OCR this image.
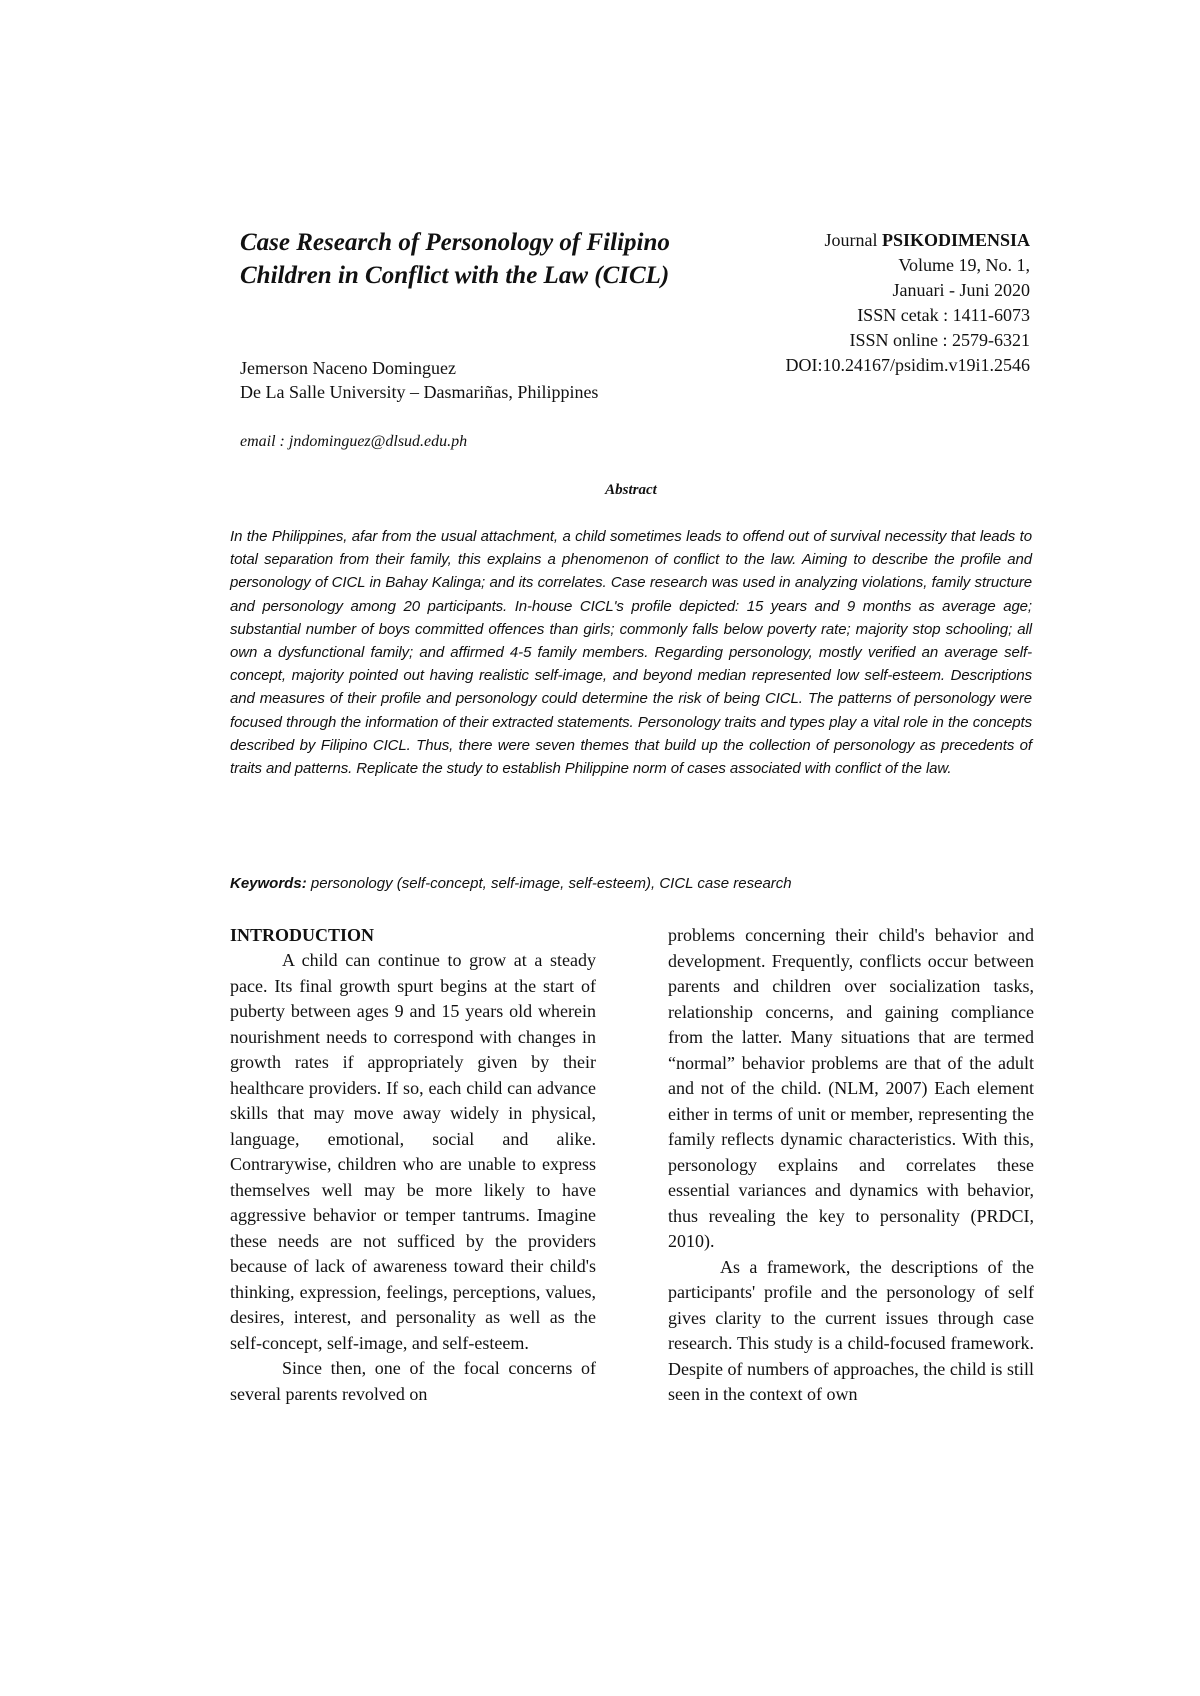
Case Research of Personology of Filipino Children in Conflict with the Law (CICL)
Jemerson Naceno Dominguez
De La Salle University – Dasmariñas, Philippines
email : jndominguez@dlsud.edu.ph
Journal PSIKODIMENSIA
Volume 19, No. 1,
Januari - Juni 2020
ISSN cetak : 1411-6073
ISSN online : 2579-6321
DOI:10.24167/psidim.v19i1.2546
Abstract
In the Philippines, afar from the usual attachment, a child sometimes leads to offend out of survival necessity that leads to total separation from their family, this explains a phenomenon of conflict to the law. Aiming to describe the profile and personology of CICL in Bahay Kalinga; and its correlates. Case research was used in analyzing violations, family structure and personology among 20 participants. In-house CICL's profile depicted: 15 years and 9 months as average age; substantial number of boys committed offences than girls; commonly falls below poverty rate; majority stop schooling; all own a dysfunctional family; and affirmed 4-5 family members. Regarding personology, mostly verified an average self-concept, majority pointed out having realistic self-image, and beyond median represented low self-esteem. Descriptions and measures of their profile and personology could determine the risk of being CICL. The patterns of personology were focused through the information of their extracted statements. Personology traits and types play a vital role in the concepts described by Filipino CICL. Thus, there were seven themes that build up the collection of personology as precedents of traits and patterns. Replicate the study to establish Philippine norm of cases associated with conflict of the law.
Keywords: personology (self-concept, self-image, self-esteem), CICL case research
INTRODUCTION

A child can continue to grow at a steady pace. Its final growth spurt begins at the start of puberty between ages 9 and 15 years old wherein nourishment needs to correspond with changes in growth rates if appropriately given by their healthcare providers. If so, each child can advance skills that may move away widely in physical, language, emotional, social and alike. Contrarywise, children who are unable to express themselves well may be more likely to have aggressive behavior or temper tantrums. Imagine these needs are not sufficed by the providers because of lack of awareness toward their child's thinking, expression, feelings, perceptions, values, desires, interest, and personality as well as the self-concept, self-image, and self-esteem.

Since then, one of the focal concerns of several parents revolved on

problems concerning their child's behavior and development. Frequently, conflicts occur between parents and children over socialization tasks, relationship concerns, and gaining compliance from the latter. Many situations that are termed “normal” behavior problems are that of the adult and not of the child. (NLM, 2007) Each element either in terms of unit or member, representing the family reflects dynamic characteristics. With this, personology explains and correlates these essential variances and dynamics with behavior, thus revealing the key to personality (PRDCI, 2010).

As a framework, the descriptions of the participants' profile and the personology of self gives clarity to the current issues through case research. This study is a child-focused framework. Despite of numbers of approaches, the child is still seen in the context of own
